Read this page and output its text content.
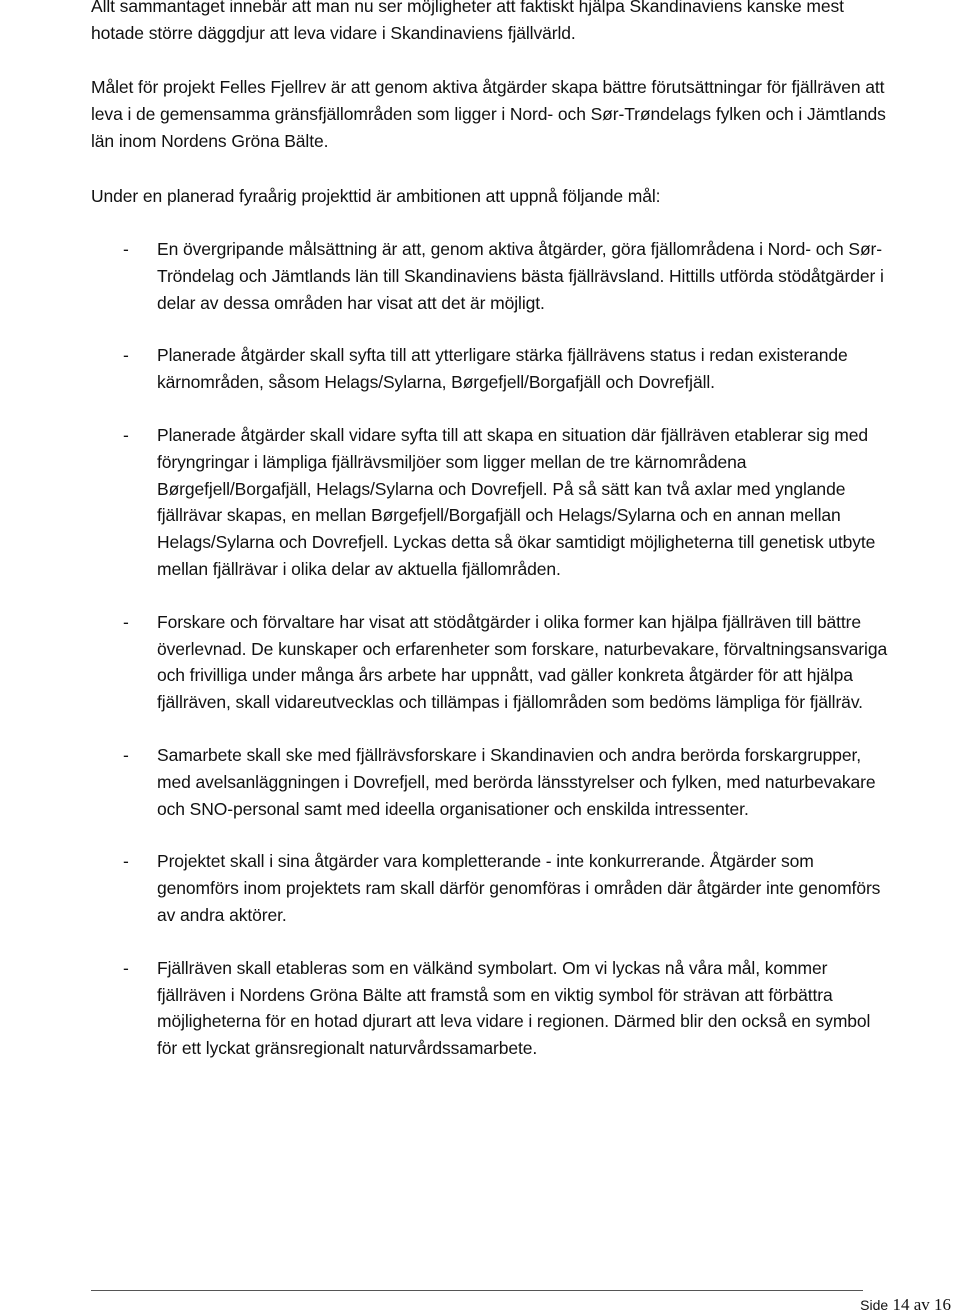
Allt sammantaget innebär att man nu ser möjligheter att faktiskt hjälpa Skandinaviens kanske mest hotade större däggdjur att leva vidare i Skandinaviens fjällvärld.

Målet för projekt Felles Fjellrev är att genom aktiva åtgärder skapa bättre förutsättningar för fjällräven att leva i de gemensamma gränsfjällområden som ligger i Nord- och Sør-Trøndelags fylken och i Jämtlands län inom Nordens Gröna Bälte.

Under en planerad fyraårig projekttid är ambitionen att uppnå följande mål:

- En övergripande målsättning är att, genom aktiva åtgärder, göra fjällområdena i Nord- och Sør-Tröndelag och Jämtlands län till Skandinaviens bästa fjällrävsland. Hittills utförda stödåtgärder i delar av dessa områden har visat att det är möjligt.
- Planerade åtgärder skall syfta till att ytterligare stärka fjällrävens status i redan existerande kärnområden, såsom Helags/Sylarna, Børgefjell/Borgafjäll och Dovrefjäll.
- Planerade åtgärder skall vidare syfta till att skapa en situation där fjällräven etablerar sig med föryngringar i lämpliga fjällrävsmiljöer som ligger mellan de tre kärnområdena Børgefjell/Borgafjäll, Helags/Sylarna och Dovrefjell. På så sätt kan två axlar med ynglande fjällrävar skapas, en mellan Børgefjell/Borgafjäll och Helags/Sylarna och en annan mellan Helags/Sylarna och Dovrefjell. Lyckas detta så ökar samtidigt möjligheterna till genetisk utbyte mellan fjällrävar i olika delar av aktuella fjällområden.
- Forskare och förvaltare har visat att stödåtgärder i olika former kan hjälpa fjällräven till bättre överlevnad. De kunskaper och erfarenheter som forskare, naturbevakare, förvaltningsansvariga och frivilliga under många års arbete har uppnått, vad gäller konkreta åtgärder för att hjälpa fjällräven, skall vidareutvecklas och tillämpas i fjällområden som bedöms lämpliga för fjällräv.
- Samarbete skall ske med fjällrävsforskare i Skandinavien och andra berörda forskargrupper, med avelsanläggningen i Dovrefjell, med berörda länsstyrelser och fylken, med naturbevakare och SNO-personal samt med ideella organisationer och enskilda intressenter.
- Projektet skall i sina åtgärder vara kompletterande - inte konkurrerande. Åtgärder som genomförs inom projektets ram skall därför genomföras i områden där åtgärder inte genomförs av andra aktörer.
- Fjällräven skall etableras som en välkänd symbolart. Om vi lyckas nå våra mål, kommer fjällräven i Nordens Gröna Bälte att framstå som en viktig symbol för strävan att förbättra möjligheterna för en hotad djurart att leva vidare i regionen. Därmed blir den också en symbol för ett lyckat gränsregionalt naturvårdssamarbete.
Side 14 av 16
